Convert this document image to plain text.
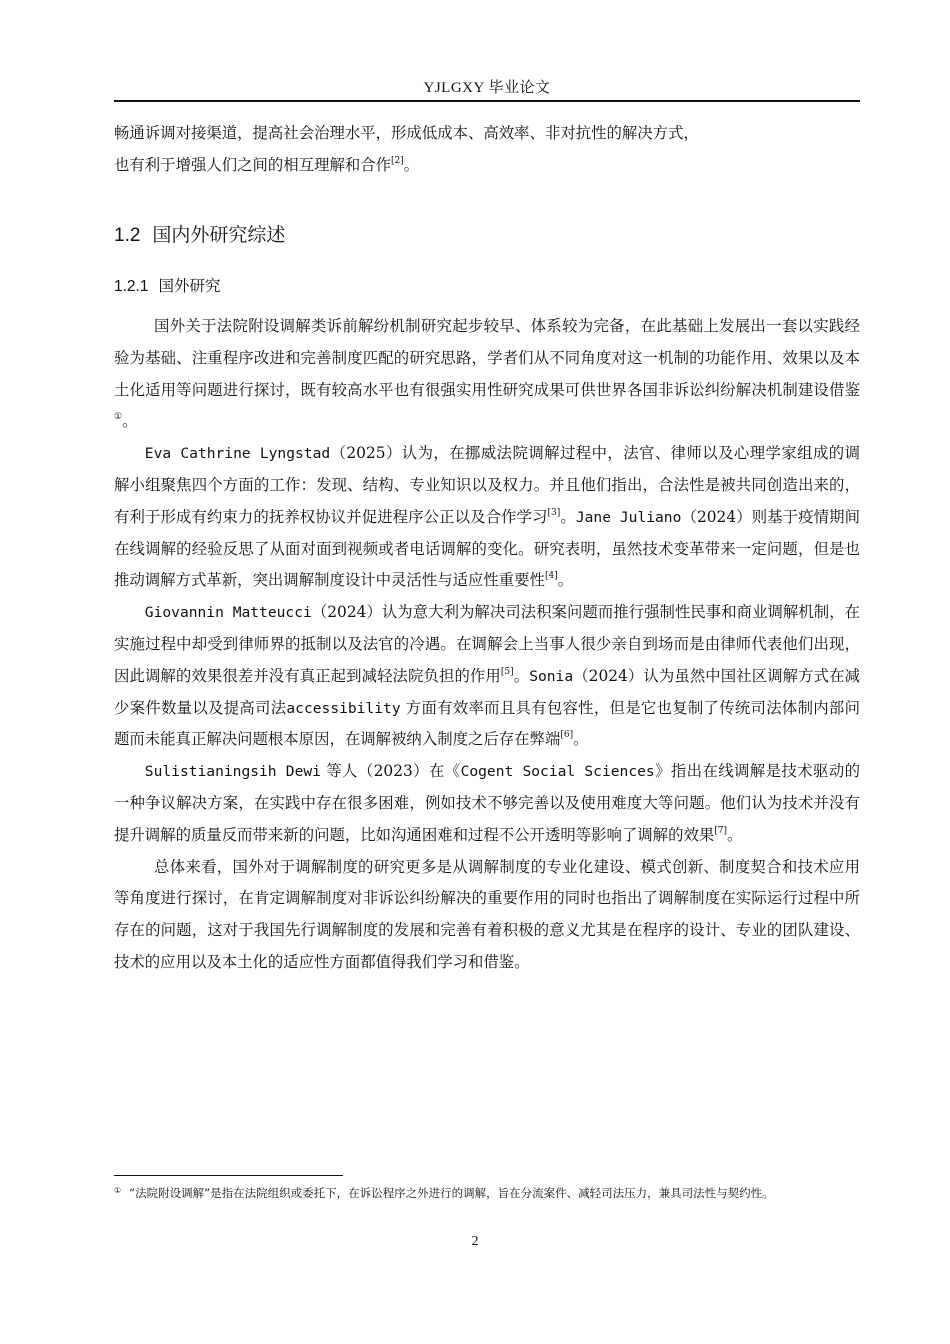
YJLGXY 毕业论文

畅通诉调对接渠道，提高社会治理水平，形成低成本、高效率、非对抗性的解决方式，

也有利于增强人们之间的相互理解和合作[2]。

1.2 国内外研究综述
1.2.1 国外研究

国外关于法院附设调解类诉前解纷机制研究起步较早、体系较为完备，在此基础上发展出一套以实践经验为基础、注重程序改进和完善制度匹配的研究思路，学者们从不同角度对这一机制的功能作用、效果以及本土化适用等问题进行探讨，既有较高水平也有很强实用性研究成果可供世界各国非诉讼纠纷解决机制建设借鉴①。

Eva Cathrine Lyngstad（2025）认为，在挪威法院调解过程中，法官、律师以及心理学家组成的调解小组聚焦四个方面的工作：发现、结构、专业知识以及权力。并且他们指出，合法性是被共同创造出来的，有利于形成有约束力的抚养权协议并促进程序公正以及合作学习[3]。Jane Juliano（2024）则基于疫情期间在线调解的经验反思了从面对面到视频或者电话调解的变化。研究表明，虽然技术变革带来一定问题，但是也推动调解方式革新，突出调解制度设计中灵活性与适应性重要性[4]。

Giovannin Matteucci（2024）认为意大利为解决司法积案问题而推行强制性民事和商业调解机制，在实施过程中却受到律师界的抵制以及法官的冷遇。在调解会上当事人很少亲自到场而是由律师代表他们出现，因此调解的效果很差并没有真正起到减轻法院负担的作用[5]。Sonia（2024）认为虽然中国社区调解方式在减少案件数量以及提高司法accessibility 方面有效率而且具有包容性，但是它也复制了传统司法体制内部问题而未能真正解决问题根本原因，在调解被纳入制度之后存在弊端[6]。

Sulistianingsih Dewi 等人（2023）在《Cogent Social Sciences》指出在线调解是技术驱动的一种争议解决方案，在实践中存在很多困难，例如技术不够完善以及使用难度大等问题。他们认为技术并没有提升调解的质量反而带来新的问题，比如沟通困难和过程不公开透明等影响了调解的效果[7]。

总体来看，国外对于调解制度的研究更多是从调解制度的专业化建设、模式创新、制度契合和技术应用等角度进行探讨，在肯定调解制度对非诉讼纠纷解决的重要作用的同时也指出了调解制度在实际运行过程中所存在的问题，这对于我国先行调解制度的发展和完善有着积极的意义尤其是在程序的设计、专业的团队建设、技术的应用以及本土化的适应性方面都值得我们学习和借鉴。

① “法院附设调解”是指在法院组织或委托下，在诉讼程序之外进行的调解，旨在分流案件、减轻司法压力，兼具司法性与契约性。
2
